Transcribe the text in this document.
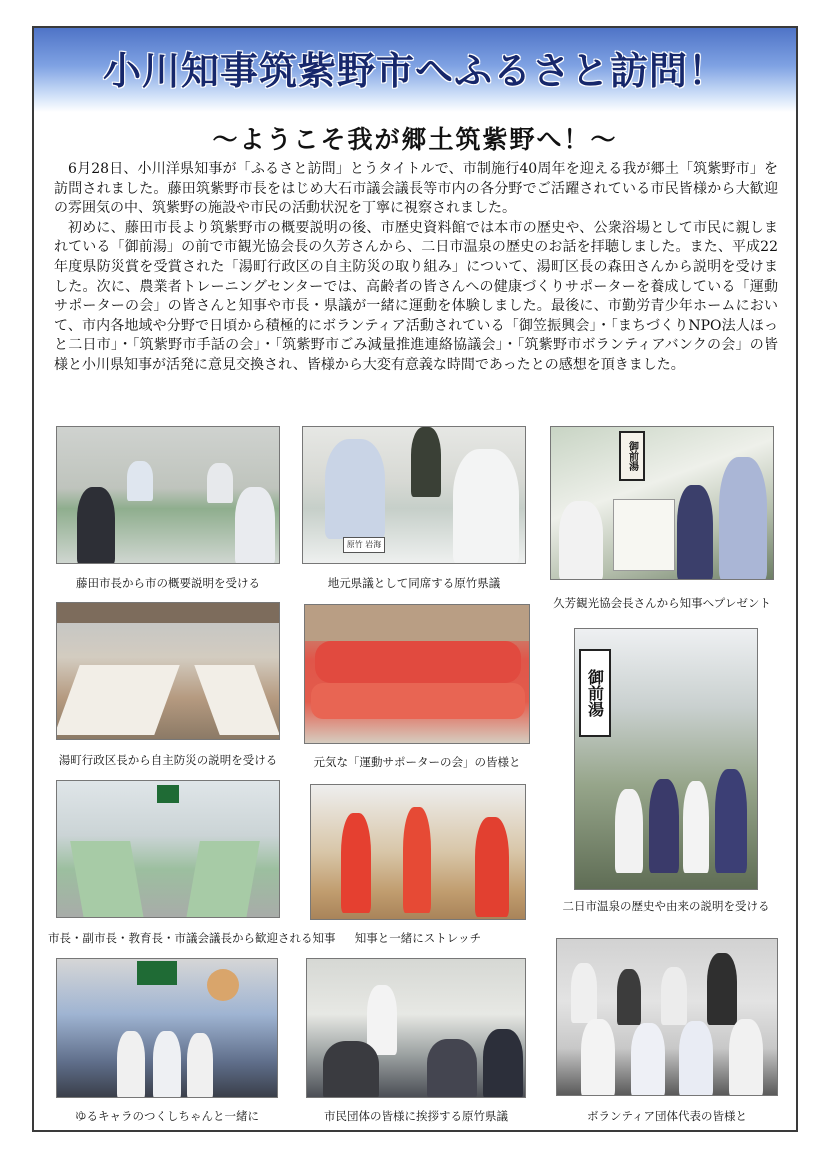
小川知事筑紫野市へふるさと訪問！
～ようこそ我が郷土筑紫野へ！～

6月28日、小川洋県知事が「ふるさと訪問」とうタイトルで、市制施行40周年を迎える我が郷土「筑紫野市」を訪問されました。藤田筑紫野市長をはじめ大石市議会議長等市内の各分野でご活躍されている市民皆様から大歓迎の雰囲気の中、筑紫野の施設や市民の活動状況を丁寧に視察されました。

初めに、藤田市長より筑紫野市の概要説明の後、市歴史資料館では本市の歴史や、公衆浴場として市民に親しまれている「御前湯」の前で市観光協会長の久芳さんから、二日市温泉の歴史のお話を拝聴しました。また、平成22年度県防災賞を受賞された「湯町行政区の自主防災の取り組み」について、湯町区長の森田さんから説明を受けました。次に、農業者トレーニングセンターでは、高齢者の皆さんへの健康づくりサポーターを養成している「運動サポーターの会」の皆さんと知事や市長・県議が一緒に運動を体験しました。最後に、市勤労青少年ホームにおいて、市内各地域や分野で日頃から積極的にボランティア活動されている「御笠振興会」・「まちづくりNPO法人ほっと二日市」・「筑紫野市手話の会」・「筑紫野市ごみ減量推進連絡協議会」・「筑紫野市ボランティアバンクの会」の皆様と小川県知事が活発に意見交換され、皆様から大変有意義な時間であったとの感想を頂きました。

藤田市長から市の概要説明を受ける
原竹 岩海
地元県議として同席する原竹県議
御前湯
久芳観光協会長さんから知事へプレゼント
湯町行政区長から自主防災の説明を受ける	元気な「運動サポーターの会」の皆様と
御前湯
二日市温泉の歴史や由来の説明を受ける
市長・副市長・教育長・市議会議長から歓迎される知事	知事と一緒にストレッチ
ゆるキャラのつくしちゃんと一緒に	市民団体の皆様に挨拶する原竹県議	ボランティア団体代表の皆様と
